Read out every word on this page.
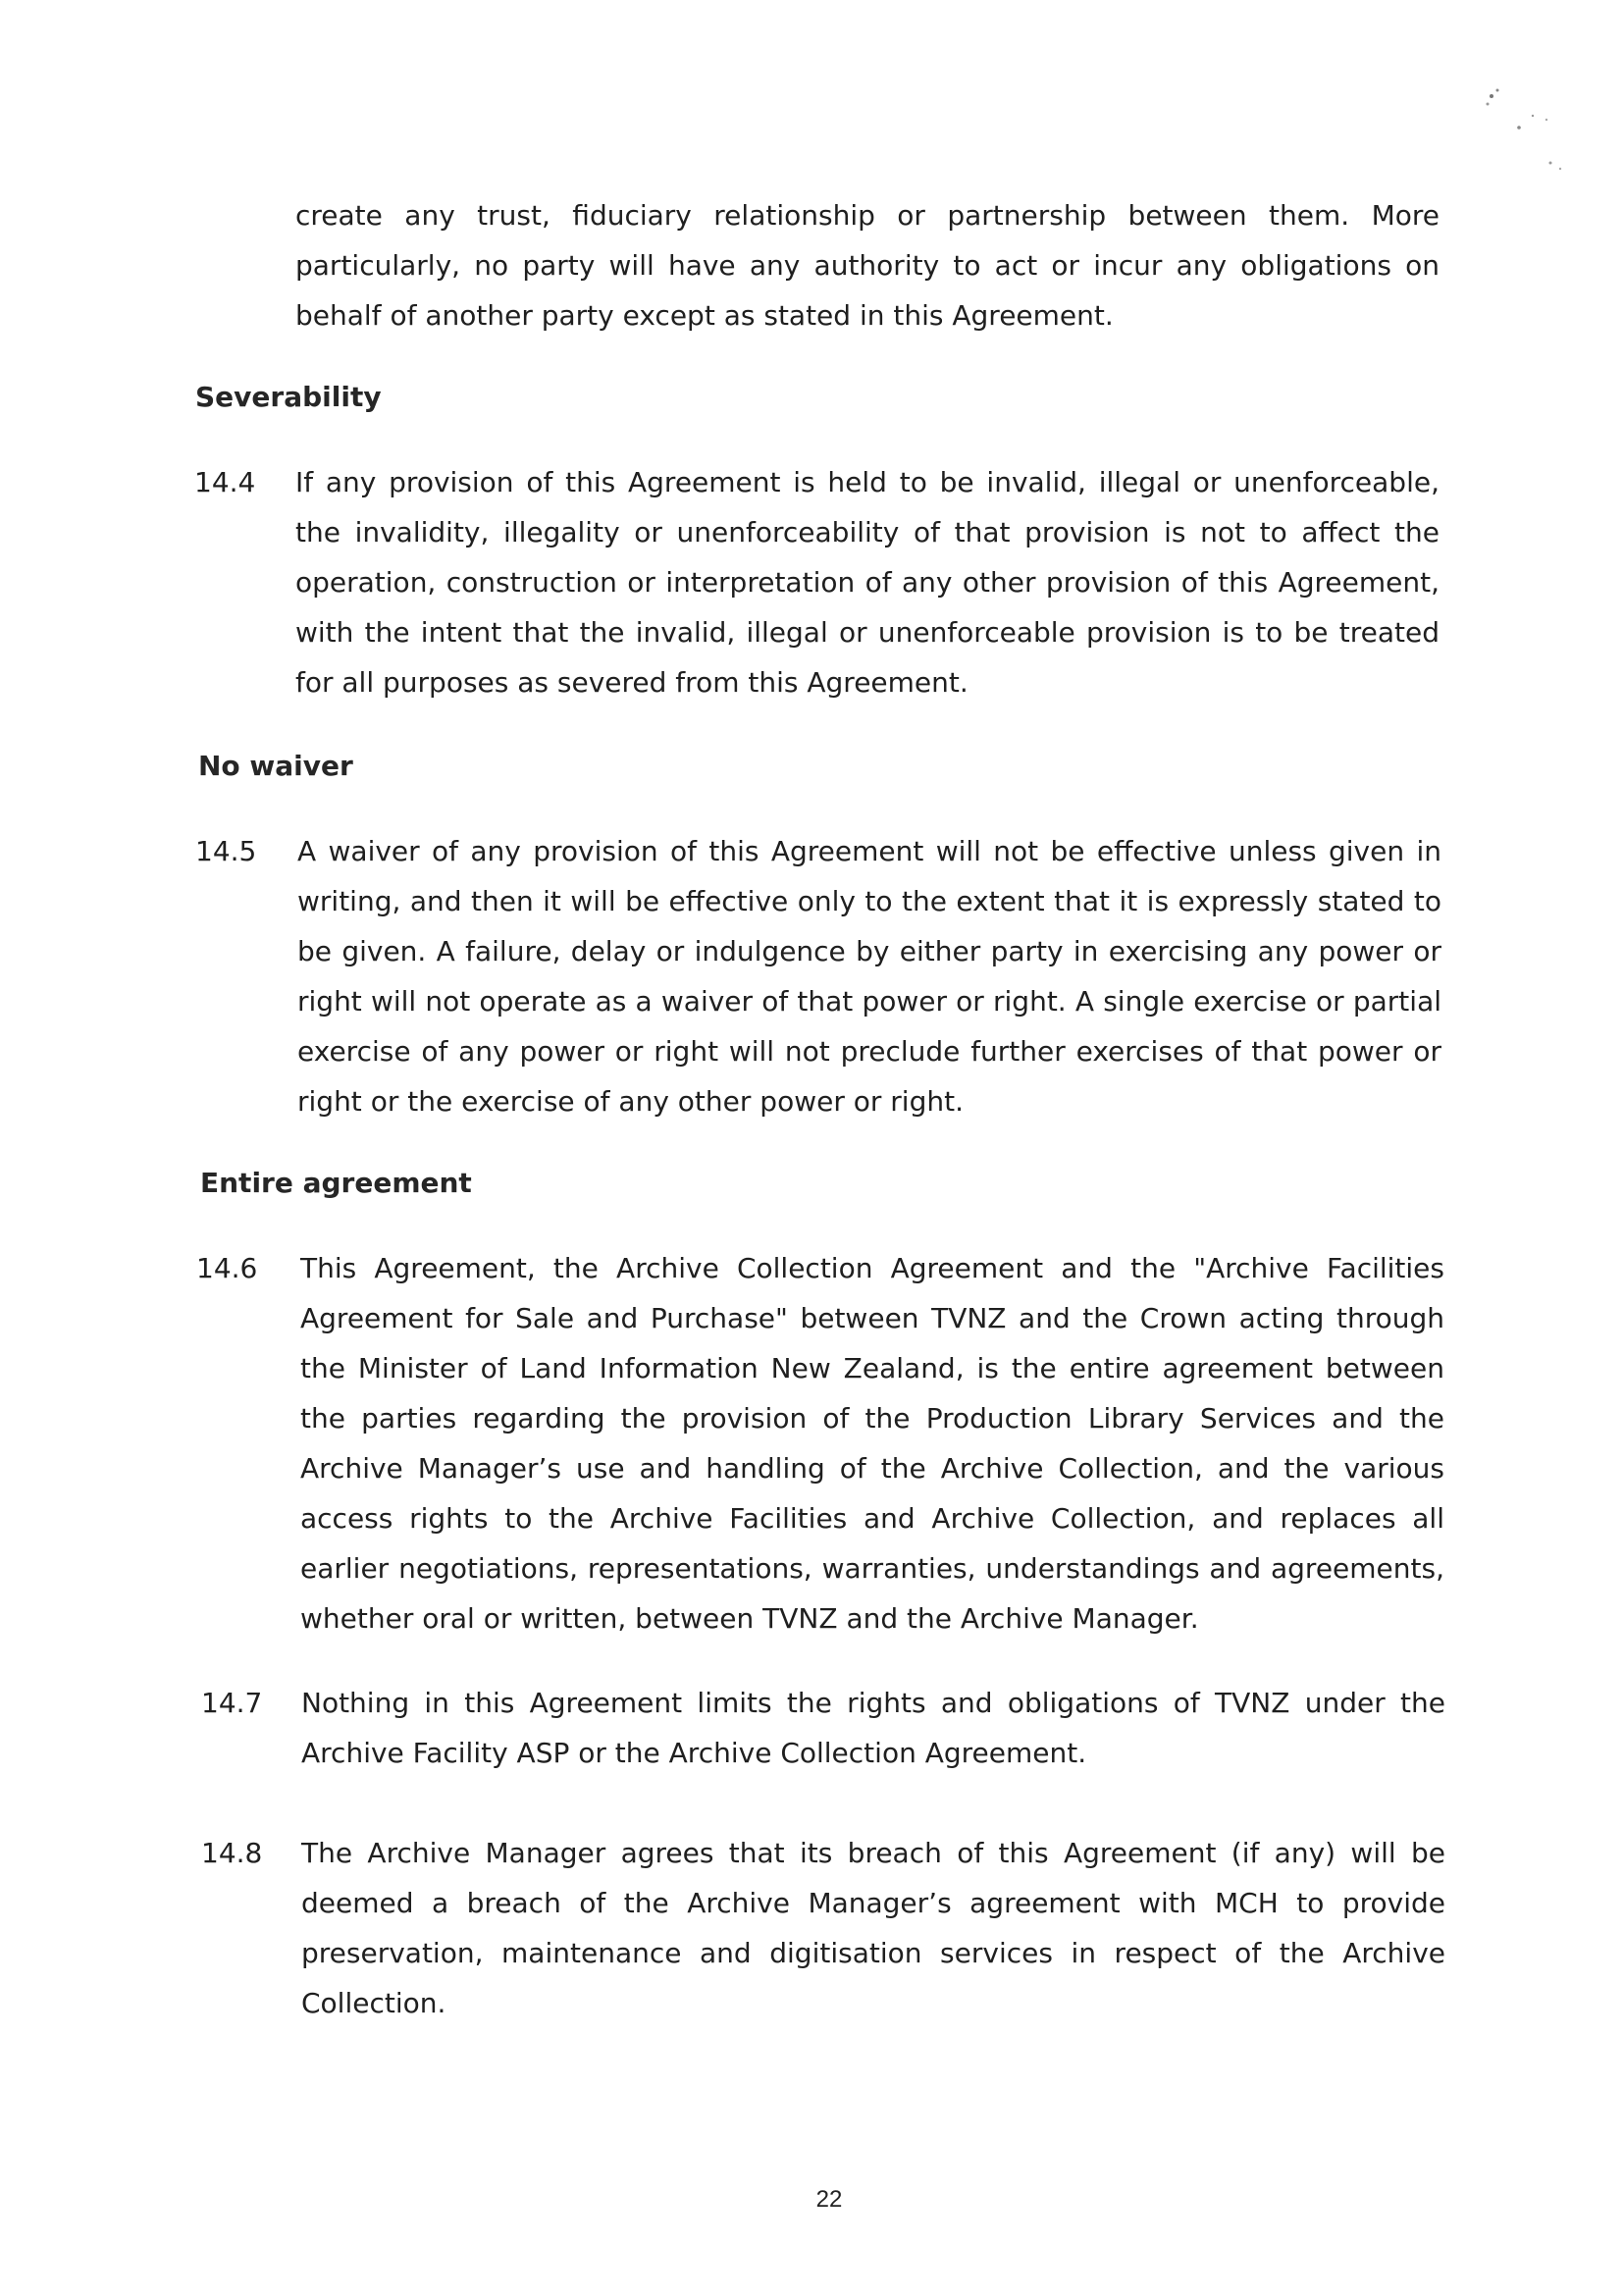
create any trust, fiduciary relationship or partnership between them. More particularly, no party will have any authority to act or incur any obligations on behalf of another party except as stated in this Agreement.
Severability
14.4 If any provision of this Agreement is held to be invalid, illegal or unenforceable, the invalidity, illegality or unenforceability of that provision is not to affect the operation, construction or interpretation of any other provision of this Agreement, with the intent that the invalid, illegal or unenforceable provision is to be treated for all purposes as severed from this Agreement.
No waiver
14.5 A waiver of any provision of this Agreement will not be effective unless given in writing, and then it will be effective only to the extent that it is expressly stated to be given. A failure, delay or indulgence by either party in exercising any power or right will not operate as a waiver of that power or right. A single exercise or partial exercise of any power or right will not preclude further exercises of that power or right or the exercise of any other power or right.
Entire agreement
14.6 This Agreement, the Archive Collection Agreement and the "Archive Facilities Agreement for Sale and Purchase" between TVNZ and the Crown acting through the Minister of Land Information New Zealand, is the entire agreement between the parties regarding the provision of the Production Library Services and the Archive Manager’s use and handling of the Archive Collection, and the various access rights to the Archive Facilities and Archive Collection, and replaces all earlier negotiations, representations, warranties, understandings and agreements, whether oral or written, between TVNZ and the Archive Manager.
14.7 Nothing in this Agreement limits the rights and obligations of TVNZ under the Archive Facility ASP or the Archive Collection Agreement.
14.8 The Archive Manager agrees that its breach of this Agreement (if any) will be deemed a breach of the Archive Manager’s agreement with MCH to provide preservation, maintenance and digitisation services in respect of the Archive Collection.
22
